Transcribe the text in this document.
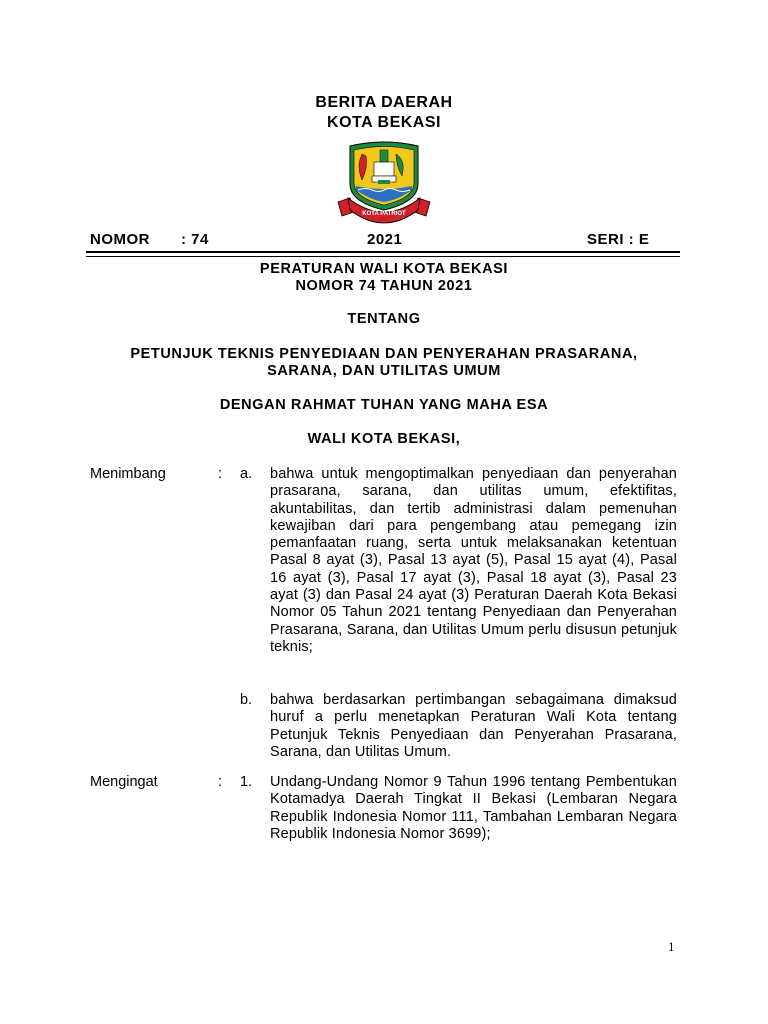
BERITA DAERAH
KOTA BEKASI
KOTA PATRIOT
NOMOR : 74	2021	SERI : E
PERATURAN WALI KOTA BEKASI
NOMOR 74 TAHUN 2021
TENTANG
PETUNJUK TEKNIS PENYEDIAAN DAN PENYERAHAN PRASARANA,
SARANA, DAN UTILITAS UMUM
DENGAN RAHMAT TUHAN YANG MAHA ESA
WALI KOTA BEKASI,
Menimbang	: a. bahwa untuk mengoptimalkan penyediaan dan penyerahan prasarana, sarana, dan utilitas umum, efektifitas, akuntabilitas, dan tertib administrasi dalam pemenuhan kewajiban dari para pengembang atau pemegang izin pemanfaatan ruang, serta untuk melaksanakan ketentuan Pasal 8 ayat (3), Pasal 13 ayat (5), Pasal 15 ayat (4), Pasal 16 ayat (3), Pasal 17 ayat (3), Pasal 18 ayat (3), Pasal 23 ayat (3) dan Pasal 24 ayat (3) Peraturan Daerah Kota Bekasi Nomor 05 Tahun 2021 tentang Penyediaan dan Penyerahan Prasarana, Sarana, dan Utilitas Umum perlu disusun petunjuk teknis;
b. bahwa berdasarkan pertimbangan sebagaimana dimaksud huruf a perlu menetapkan Peraturan Wali Kota tentang Petunjuk Teknis Penyediaan dan Penyerahan Prasarana, Sarana, dan Utilitas Umum.
Mengingat	: 1. Undang-Undang Nomor 9 Tahun 1996 tentang Pembentukan Kotamadya Daerah Tingkat II Bekasi (Lembaran Negara Republik Indonesia Nomor 111, Tambahan Lembaran Negara Republik Indonesia Nomor 3699);
1
